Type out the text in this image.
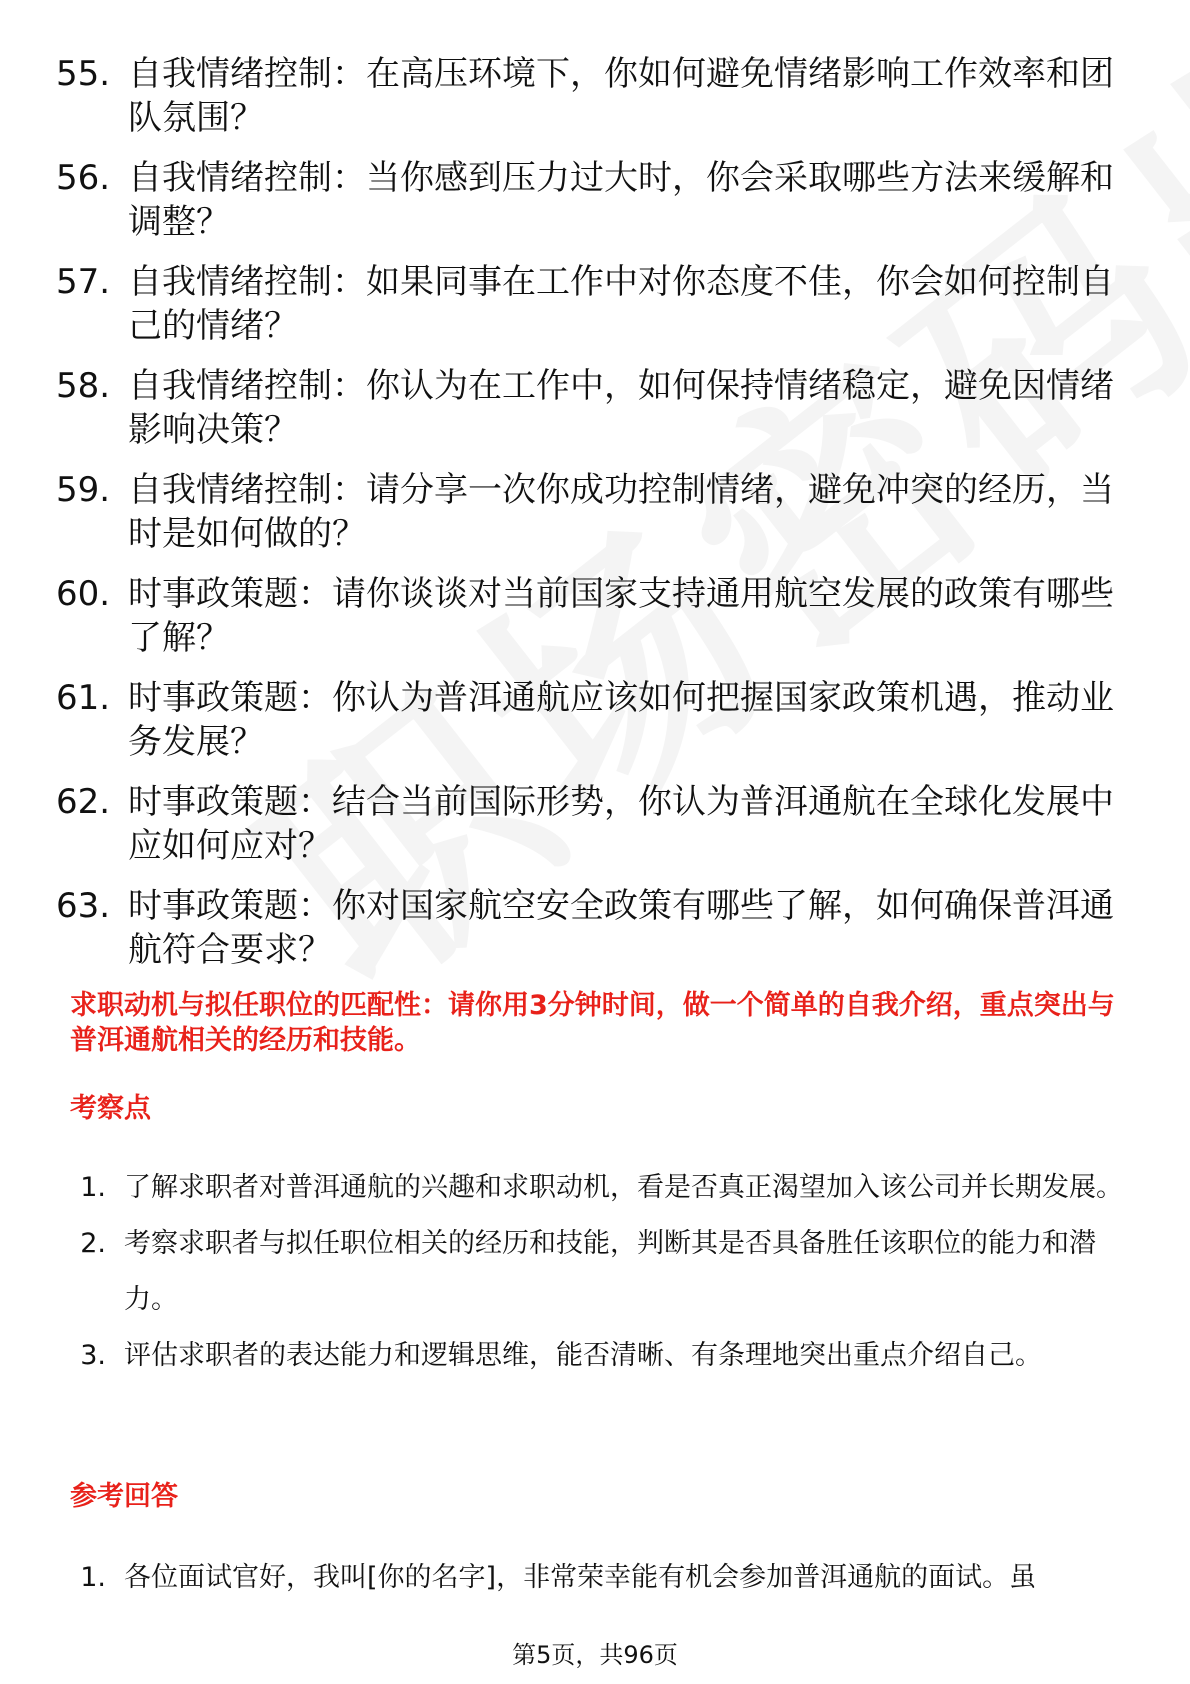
55. 自我情绪控制：在高压环境下，你如何避免情绪影响工作效率和团队氛围？
56. 自我情绪控制：当你感到压力过大时，你会采取哪些方法来缓解和调整？
57. 自我情绪控制：如果同事在工作中对你态度不佳，你会如何控制自己的情绪？
58. 自我情绪控制：你认为在工作中，如何保持情绪稳定，避免因情绪影响决策？
59. 自我情绪控制：请分享一次你成功控制情绪，避免冲突的经历，当时是如何做的？
60. 时事政策题：请你谈谈对当前国家支持通用航空发展的政策有哪些了解？
61. 时事政策题：你认为普洱通航应该如何把握国家政策机遇，推动业务发展？
62. 时事政策题：结合当前国际形势，你认为普洱通航在全球化发展中应如何应对？
63. 时事政策题：你对国家航空安全政策有哪些了解，如何确保普洱通航符合要求？
求职动机与拟任职位的匹配性：请你用3分钟时间，做一个简单的自我介绍，重点突出与普洱通航相关的经历和技能。
考察点
1. 了解求职者对普洱通航的兴趣和求职动机，看是否真正渴望加入该公司并长期发展。
2. 考察求职者与拟任职位相关的经历和技能，判断其是否具备胜任该职位的能力和潜力。
3. 评估求职者的表达能力和逻辑思维，能否清晰、有条理地突出重点介绍自己。
参考回答
1. 各位面试官好，我叫[你的名字]，非常荣幸能有机会参加普洱通航的面试。虽
第5页，共96页
